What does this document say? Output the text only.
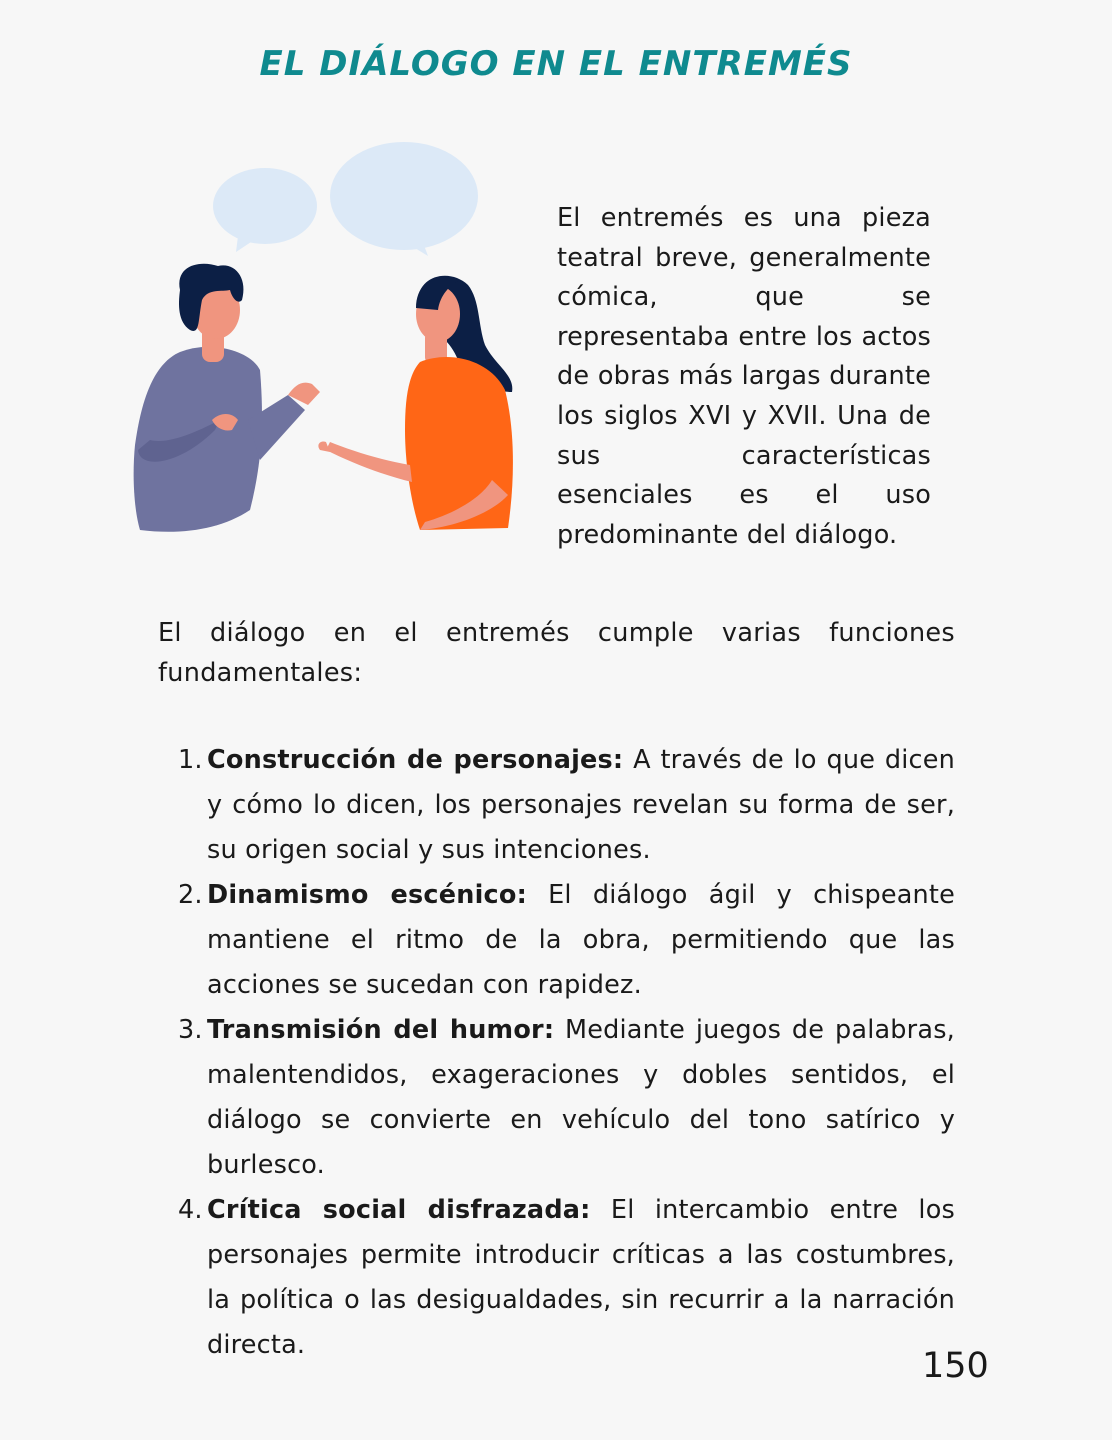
EL DIÁLOGO EN EL ENTREMÉS

El entremés es una pieza teatral breve, generalmente cómica, que se representaba entre los actos de obras más largas durante los siglos XVI y XVII. Una de sus características esenciales es el uso predominante del diálogo.

El diálogo en el entremés cumple varias funciones fundamentales:

1. Construcción de personajes: A través de lo que dicen y cómo lo dicen, los personajes revelan su forma de ser, su origen social y sus intenciones.
2. Dinamismo escénico: El diálogo ágil y chispeante mantiene el ritmo de la obra, permitiendo que las acciones se sucedan con rapidez.
3. Transmisión del humor: Mediante juegos de palabras, malentendidos, exageraciones y dobles sentidos, el diálogo se convierte en vehículo del tono satírico y burlesco.
4. Crítica social disfrazada: El intercambio entre los personajes permite introducir críticas a las costumbres, la política o las desigualdades, sin recurrir a la narración directa.

150
